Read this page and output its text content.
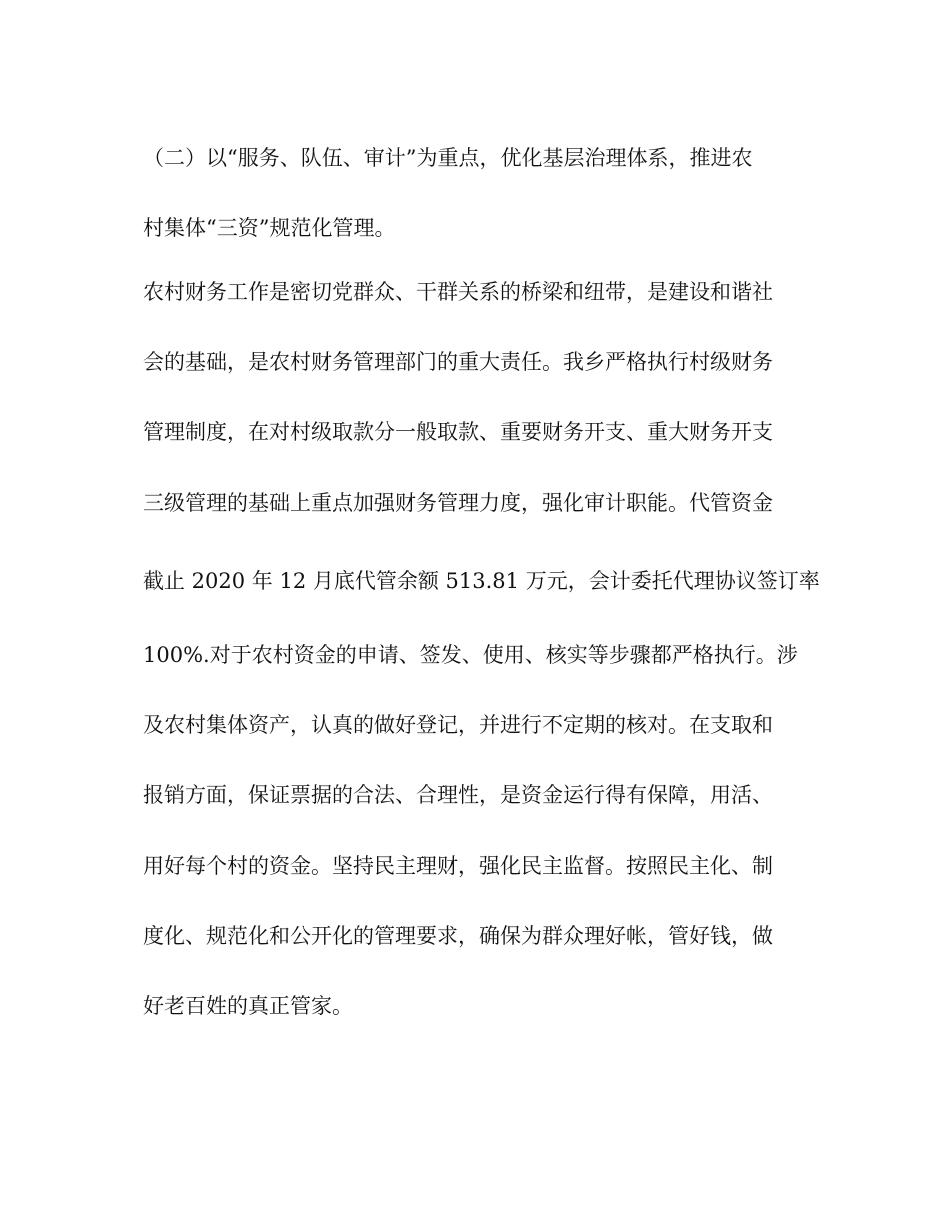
（二）以“服务、队伍、审计”为重点，优化基层治理体系，推进农
村集体“三资”规范化管理。
农村财务工作是密切党群众、干群关系的桥梁和纽带，是建设和谐社
会的基础，是农村财务管理部门的重大责任。我乡严格执行村级财务
管理制度，在对村级取款分一般取款、重要财务开支、重大财务开支
三级管理的基础上重点加强财务管理力度，强化审计职能。代管资金
截止 2020 年 12 月底代管余额 513.81 万元，会计委托代理协议签订率
100%.对于农村资金的申请、签发、使用、核实等步骤都严格执行。涉
及农村集体资产，认真的做好登记，并进行不定期的核对。在支取和
报销方面，保证票据的合法、合理性，是资金运行得有保障，用活、
用好每个村的资金。坚持民主理财，强化民主监督。按照民主化、制
度化、规范化和公开化的管理要求，确保为群众理好帐，管好钱，做
好老百姓的真正管家。
